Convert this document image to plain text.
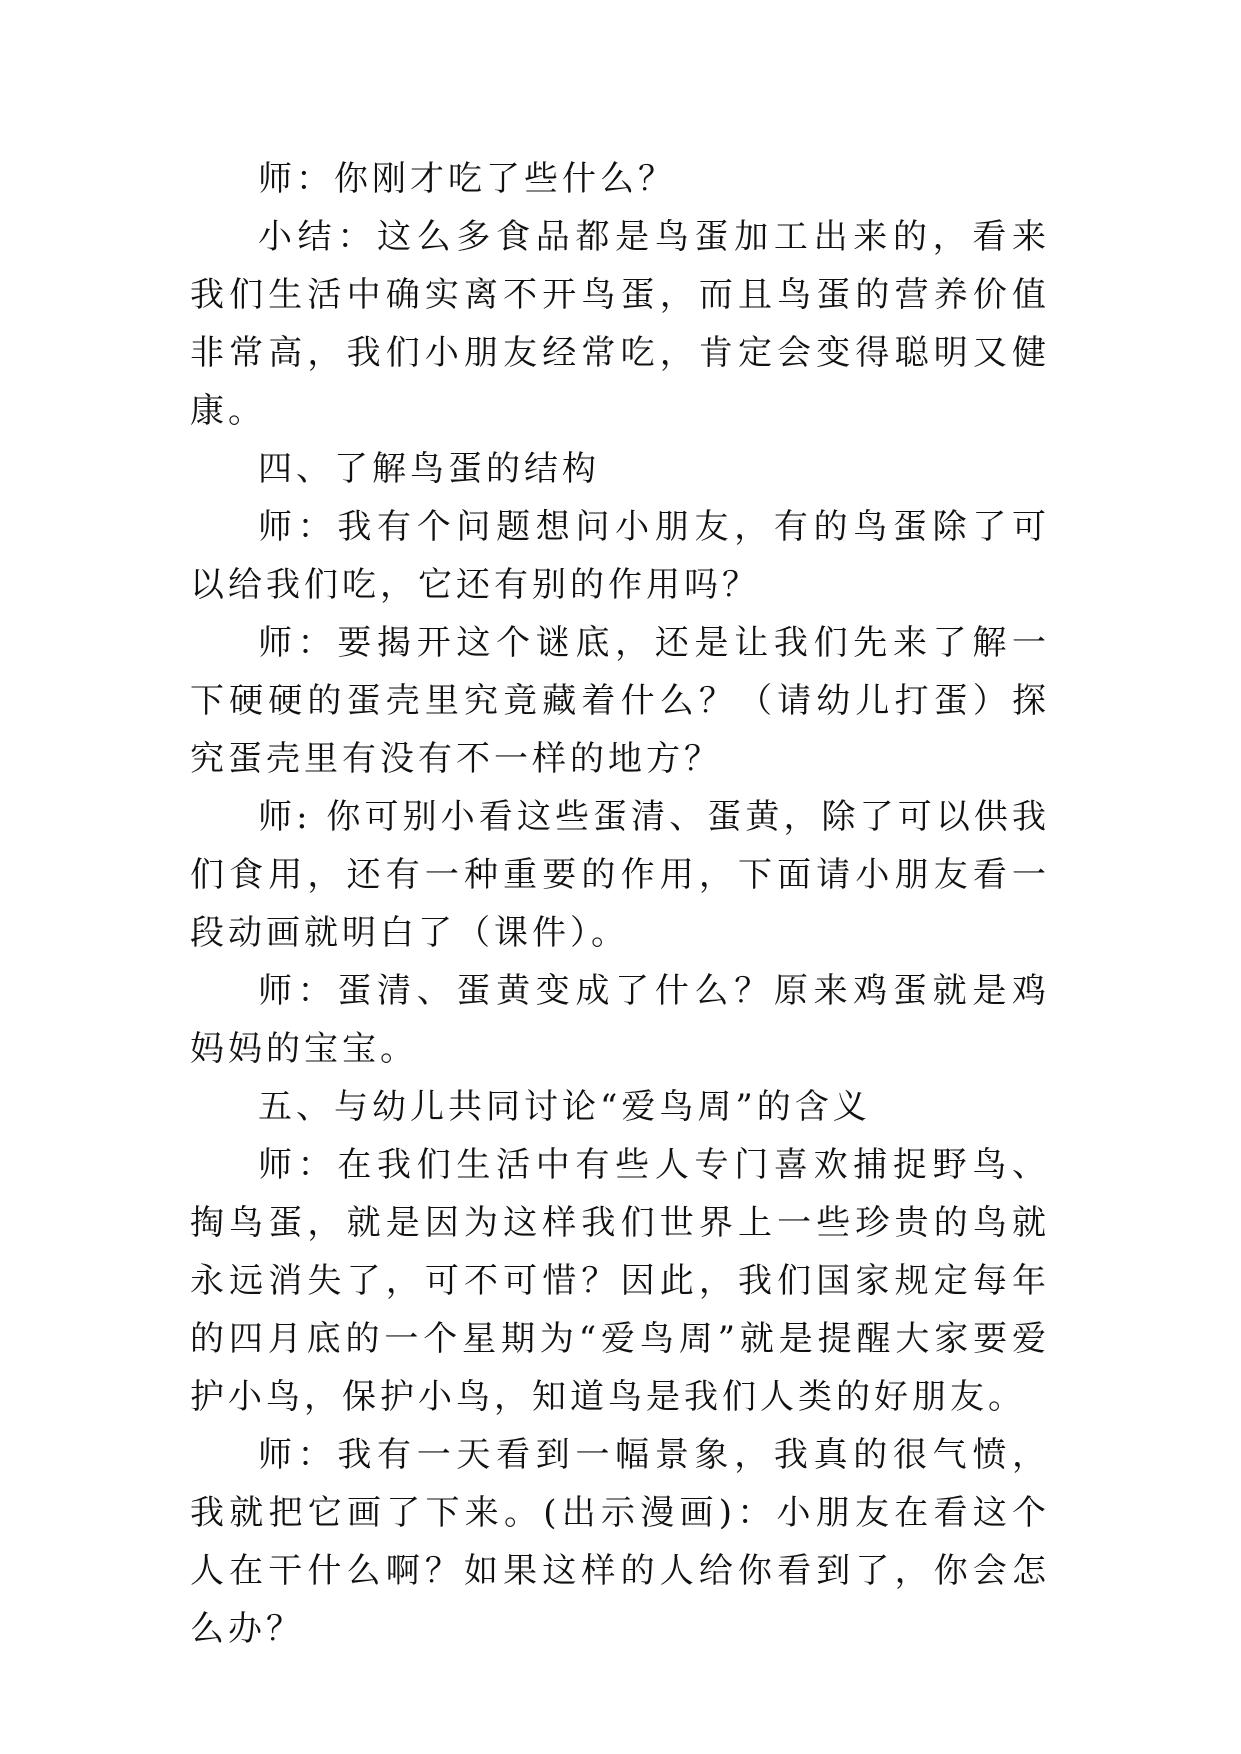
师：你刚才吃了些什么？

小结：这么多食品都是鸟蛋加工出来的，看来我们生活中确实离不开鸟蛋，而且鸟蛋的营养价值非常高，我们小朋友经常吃，肯定会变得聪明又健康。

四、了解鸟蛋的结构

师：我有个问题想问小朋友，有的鸟蛋除了可以给我们吃，它还有别的作用吗？

师：要揭开这个谜底，还是让我们先来了解一下硬硬的蛋壳里究竟藏着什么？（请幼儿打蛋）探究蛋壳里有没有不一样的地方？

师: 你可别小看这些蛋清、蛋黄，除了可以供我们食用，还有一种重要的作用，下面请小朋友看一段动画就明白了（课件）。

师：蛋清、蛋黄变成了什么？原来鸡蛋就是鸡妈妈的宝宝。

五、与幼儿共同讨论“爱鸟周”的含义

师：在我们生活中有些人专门喜欢捕捉野鸟、掏鸟蛋，就是因为这样我们世界上一些珍贵的鸟就永远消失了，可不可惜？因此，我们国家规定每年的四月底的一个星期为“爱鸟周”就是提醒大家要爱护小鸟，保护小鸟，知道鸟是我们人类的好朋友。

师：我有一天看到一幅景象，我真的很气愤，我就把它画了下来。(出示漫画)：小朋友在看这个人在干什么啊？如果这样的人给你看到了，你会怎么办？
